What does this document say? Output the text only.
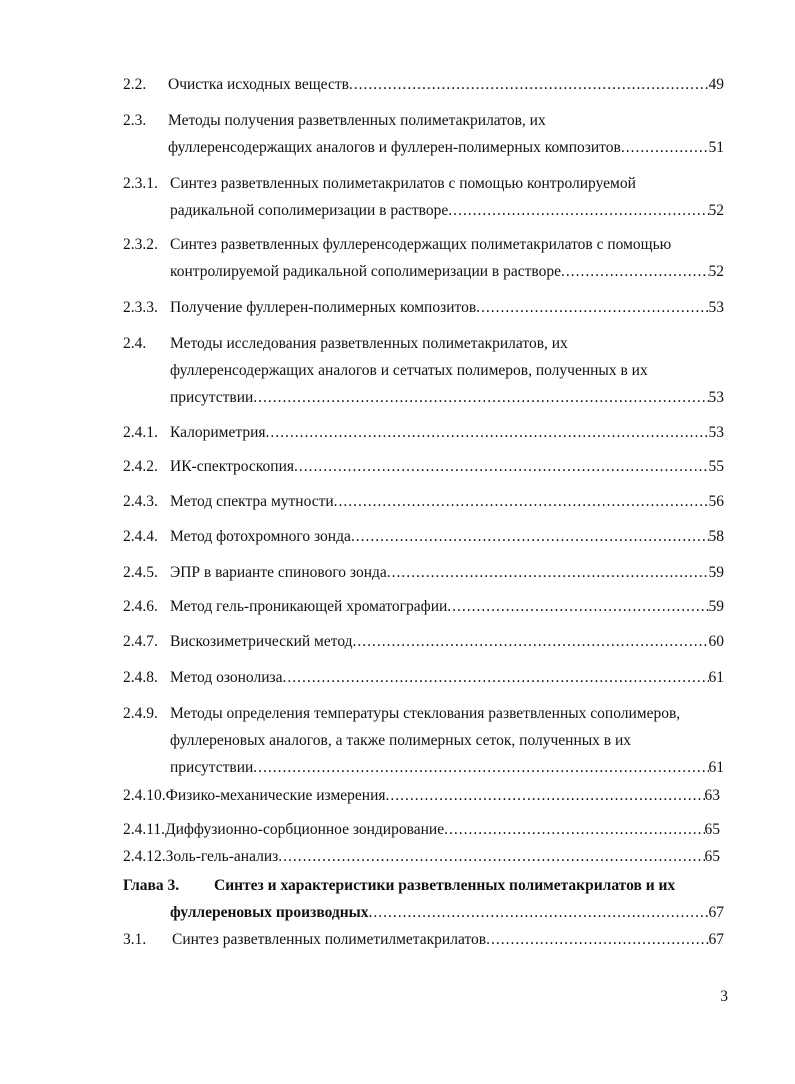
2.2. Очистка исходных веществ .....	49
2.3. Методы получения разветвленных полиметакрилатов, их
фуллеренсодержащих аналогов и фуллерен-полимерных композитов .....	51
2.3.1. Синтез разветвленных полиметакрилатов с помощью контролируемой
радикальной сополимеризации в растворе .....	52
2.3.2. Синтез разветвленных фуллеренсодержащих полиметакрилатов с помощью
контролируемой радикальной сополимеризации в растворе .....	52
2.3.3. Получение фуллерен-полимерных композитов .....	53
2.4. Методы исследования разветвленных полиметакрилатов, их
фуллеренсодержащих аналогов и сетчатых полимеров, полученных в их
присутствии .....	53
2.4.1. Калориметрия .....	53
2.4.2. ИК-спектроскопия .....	55
2.4.3. Метод спектра мутности .....	56
2.4.4. Метод фотохромного зонда .....	58
2.4.5. ЭПР в варианте спинового зонда .....	59
2.4.6. Метод гель-проникающей хроматографии .....	59
2.4.7. Вискозиметрический метод .....	60
2.4.8. Метод озонолиза .....	61
2.4.9. Методы определения температуры стеклования разветвленных сополимеров,
фуллереновых аналогов, а также полимерных сеток, полученных в их
присутствии .....	61
2.4.10. Физико-механические измерения .....	63
2.4.11. Диффузионно-сорбционное зондирование .....	65
2.4.12. Золь-гель-анализ .....	65
Глава 3. Синтез и характеристики разветвленных полиметакрилатов и их
фуллереновых производных .....	67
3.1. Синтез разветвленных полиметилметакрилатов .....	67
3
